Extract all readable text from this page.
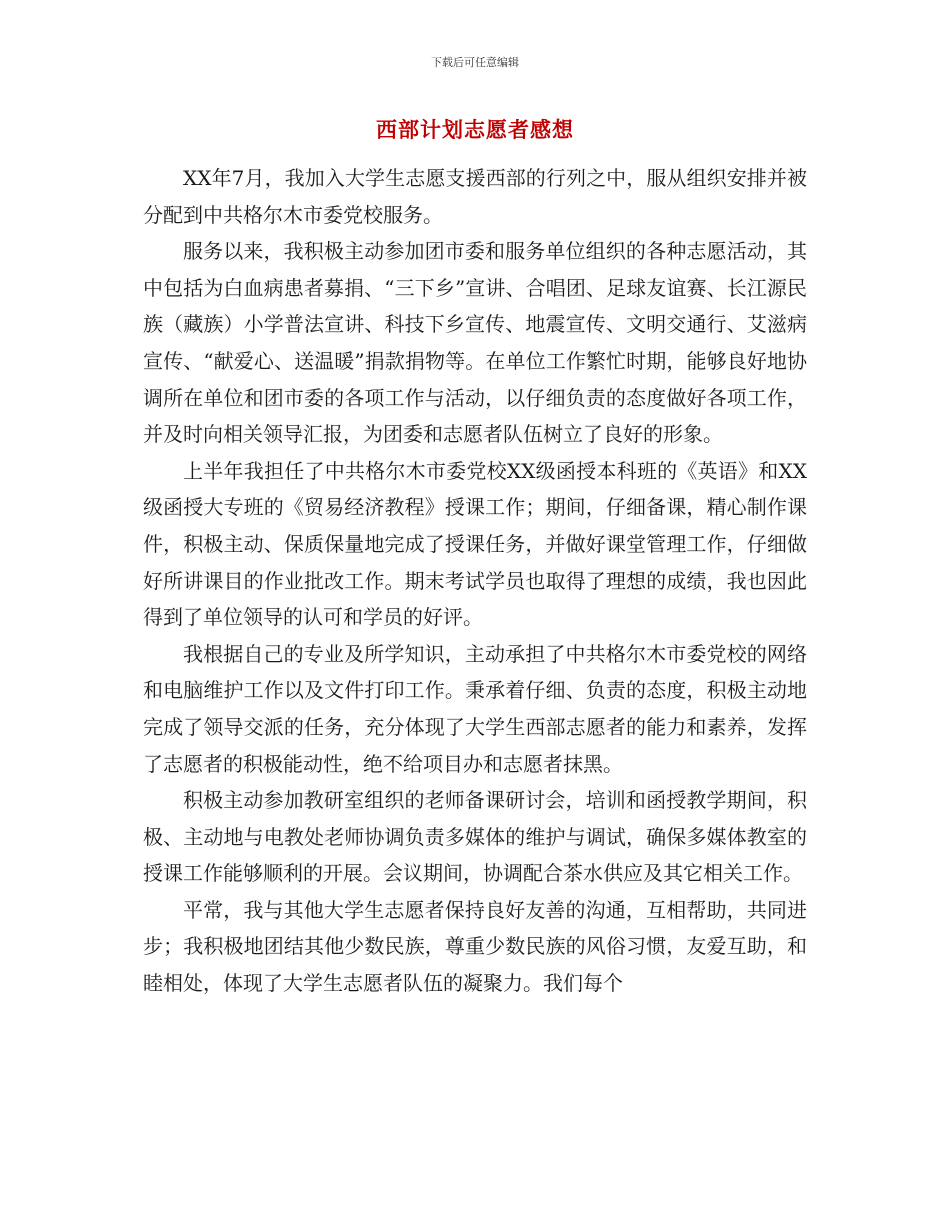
下载后可任意编辑
西部计划志愿者感想

XX年7月，我加入大学生志愿支援西部的行列之中，服从组织安排并被分配到中共格尔木市委党校服务。

服务以来，我积极主动参加团市委和服务单位组织的各种志愿活动，其中包括为白血病患者募捐、“三下乡”宣讲、合唱团、足球友谊赛、长江源民族（藏族）小学普法宣讲、科技下乡宣传、地震宣传、文明交通行、艾滋病宣传、“献爱心、送温暖”捐款捐物等。在单位工作繁忙时期，能够良好地协调所在单位和团市委的各项工作与活动，以仔细负责的态度做好各项工作，并及时向相关领导汇报，为团委和志愿者队伍树立了良好的形象。

上半年我担任了中共格尔木市委党校XX级函授本科班的《英语》和XX级函授大专班的《贸易经济教程》授课工作；期间，仔细备课，精心制作课件，积极主动、保质保量地完成了授课任务，并做好课堂管理工作，仔细做好所讲课目的作业批改工作。期末考试学员也取得了理想的成绩，我也因此得到了单位领导的认可和学员的好评。

我根据自己的专业及所学知识，主动承担了中共格尔木市委党校的网络和电脑维护工作以及文件打印工作。秉承着仔细、负责的态度，积极主动地完成了领导交派的任务，充分体现了大学生西部志愿者的能力和素养，发挥了志愿者的积极能动性，绝不给项目办和志愿者抹黑。

积极主动参加教研室组织的老师备课研讨会，培训和函授教学期间，积极、主动地与电教处老师协调负责多媒体的维护与调试，确保多媒体教室的授课工作能够顺利的开展。会议期间，协调配合茶水供应及其它相关工作。

平常，我与其他大学生志愿者保持良好友善的沟通，互相帮助，共同进步；我积极地团结其他少数民族，尊重少数民族的风俗习惯，友爱互助，和睦相处，体现了大学生志愿者队伍的凝聚力。我们每个
